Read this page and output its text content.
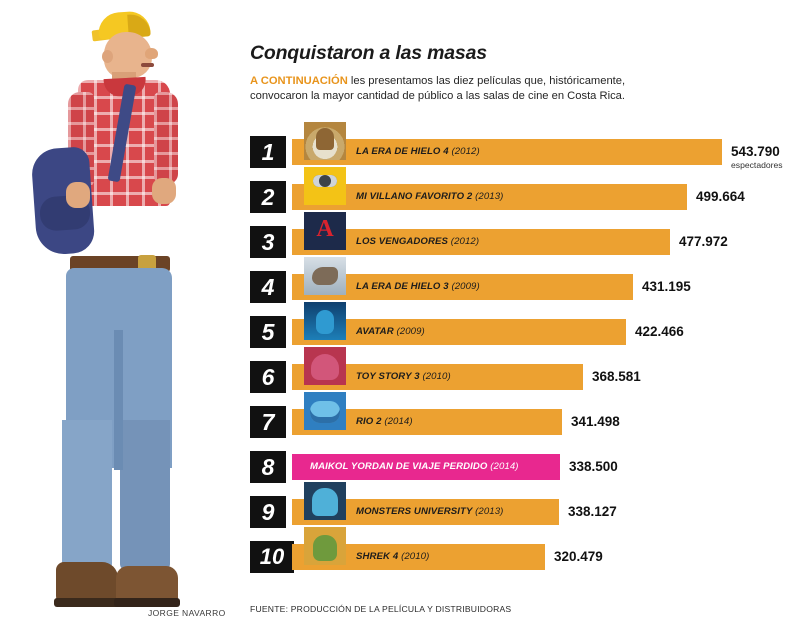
JORGE NAVARRO
Conquistaron a las masas
A CONTINUACIÓN les presentamos las diez películas que, históricamente, convocaron la mayor cantidad de público a las salas de cine en Costa Rica.
1	LA ERA DE HIELO 4 (2012)	543.790
espectadores
2	MI VILLANO FAVORITO 2 (2013)	499.664
3 A	LOS VENGADORES (2012)	477.972
4	LA ERA DE HIELO 3 (2009)	431.195
5	AVATAR (2009)	422.466
6	TOY STORY 3 (2010)	368.581
7	RIO 2 (2014)	341.498
8	MAIKOL YORDAN DE VIAJE PERDIDO (2014)	338.500
9	MONSTERS UNIVERSITY (2013)	338.127
10	SHREK 4 (2010)	320.479
FUENTE: PRODUCCIÓN DE LA PELÍCULA Y DISTRIBUIDORAS
